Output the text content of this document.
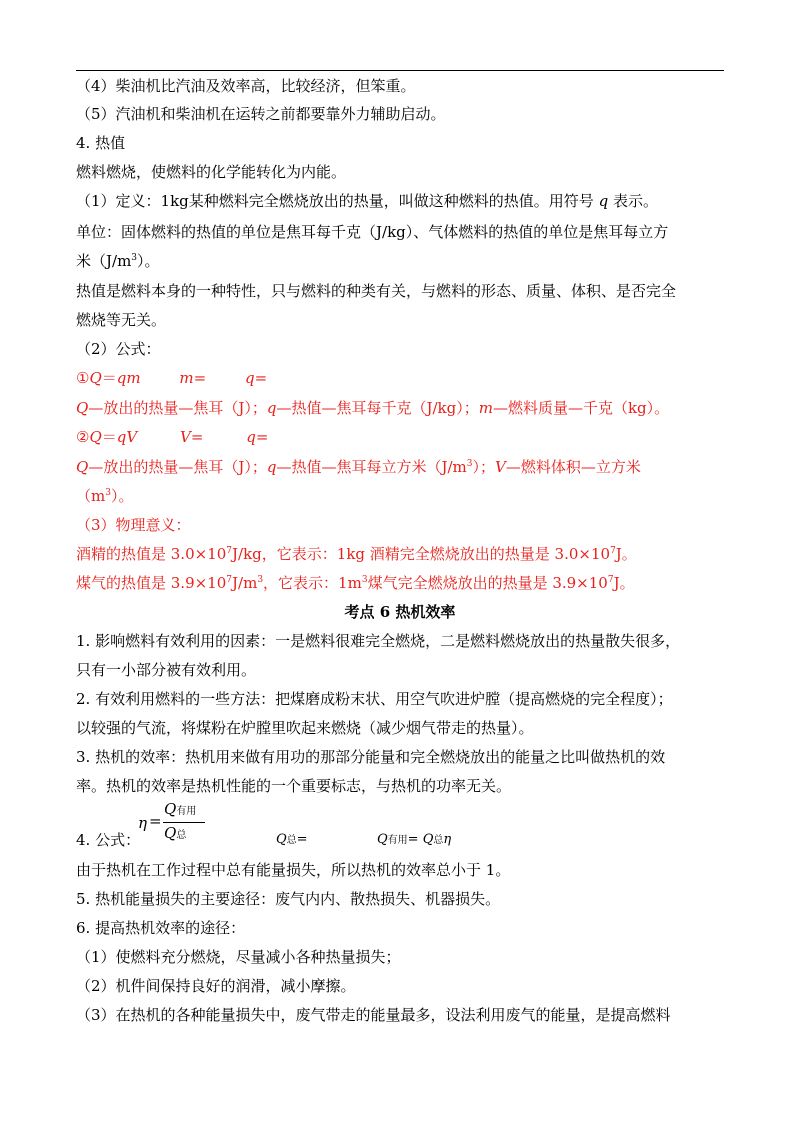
（4）柴油机比汽油及效率高，比较经济，但笨重。
（5）汽油机和柴油机在运转之前都要靠外力辅助启动。
4. 热值
燃料燃烧，使燃料的化学能转化为内能。
（1）定义：1kg某种燃料完全燃烧放出的热量，叫做这种燃料的热值。用符号 q 表示。
单位：固体燃料的热值的单位是焦耳每千克（J/kg）、气体燃料的热值的单位是焦耳每立方
米$(J/m^3)$。
热值是燃料本身的一种特性，只与燃料的种类有关，与燃料的形态、质量、体积、是否完全
燃烧等无关。
（2）公式：
①Q＝qm	m=	q=
Q—放出的热量—焦耳（J）；q—热值—焦耳每千克（J/kg）；m—燃料质量—千克（kg）。
②Q＝qV	V=	q=
Q—放出的热量—焦耳（J）；q—热值—焦耳每立方米$(J/m^3)$；V—燃料体积—立方米
$(m^3)$。
（3）物理意义：
酒精的热值是 $3.0\times 10^7J/kg$，它表示：1kg 酒精完全燃烧放出的热量是 $3.0\times 10^7J$。
煤气的热值是 $3.9\times 10^7J/m^3$，它表示：$1m^3$煤气完全燃烧放出的热量是 $3.9\times 10^7J$。
考点 6 热机效率
1. 影响燃料有效利用的因素：一是燃料很难完全燃烧，二是燃料燃烧放出的热量散失很多，
只有一小部分被有效利用。
2. 有效利用燃料的一些方法：把煤磨成粉末状、用空气吹进炉膛（提高燃烧的完全程度）；
以较强的气流，将煤粉在炉膛里吹起来燃烧（减少烟气带走的热量）。
3. 热机的效率：热机用来做有用功的那部分能量和完全燃烧放出的能量之比叫做热机的效
率。热机的效率是热机性能的一个重要标志，与热机的功率无关。
4. 公式：
η =
Q有用
Q总	Q总=	Q有用= Q总η
由于热机在工作过程中总有能量损失，所以热机的效率总小于 1。
5. 热机能量损失的主要途径：废气内内、散热损失、机器损失。
6. 提高热机效率的途径：
（1）使燃料充分燃烧，尽量减小各种热量损失；
（2）机件间保持良好的润滑，减小摩擦。
（3）在热机的各种能量损失中，废气带走的能量最多，设法利用废气的能量，是提高燃料
